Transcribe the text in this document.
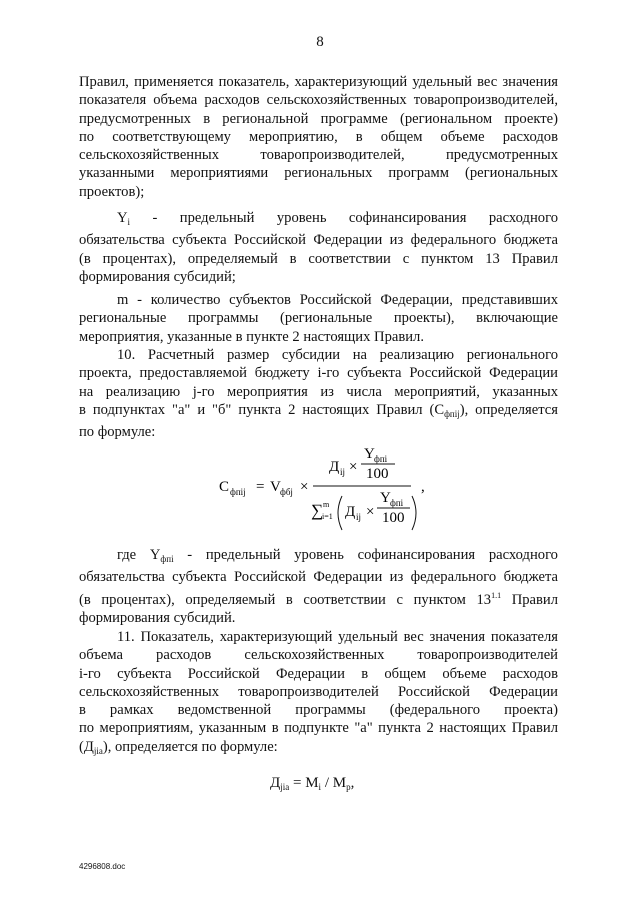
8
Правил, применяется показатель, характеризующий удельный вес значения
показателя объема расходов сельскохозяйственных товаропроизводителей,
предусмотренных в региональной программе (региональном проекте)
по соответствующему мероприятию, в общем объеме расходов
сельскохозяйственных товаропроизводителей, предусмотренных
указанными мероприятиями региональных программ (региональных
проектов);
$Y_i$ - предельный уровень софинансирования расходного
обязательства субъекта Российской Федерации из федерального бюджета
(в процентах), определяемый в соответствии с пунктом 13 Правил
формирования субсидий;
m - количество субъектов Российской Федерации, представивших
региональные программы (региональные проекты), включающие
мероприятия, указанные в пункте 2 настоящих Правил.
10. Расчетный размер субсидии на реализацию регионального
проекта, предоставляемой бюджету i-го субъекта Российской Федерации
на реализацию j-го мероприятия из числа мероприятий, указанных
в подпунктах "а" и "б" пункта 2 настоящих Правил $(С_{фпij})$, определяется
по формуле:
С фпij = V фбj ×
Д ij ×
Y фпi
100
∑ m
i=1 Д ij ×
Y фпi
100
,
где $Y_{фпi}$ - предельный уровень софинансирования расходного
обязательства субъекта Российской Федерации из федерального бюджета
(в процентах), определяемый в соответствии с пунктом $13^{1.1}$ Правил
формирования субсидий.
11. Показатель, характеризующий удельный вес значения показателя
объема расходов сельскохозяйственных товаропроизводителей
i-го субъекта Российской Федерации в общем объеме расходов
сельскохозяйственных товаропроизводителей Российской Федерации
в рамках ведомственной программы (федерального проекта)
по мероприятиям, указанным в подпункте "а" пункта 2 настоящих Правил
$(Д_{jia})$, определяется по формуле:
$Д_{jia} = M_i / M_p$,
4296808.doc
